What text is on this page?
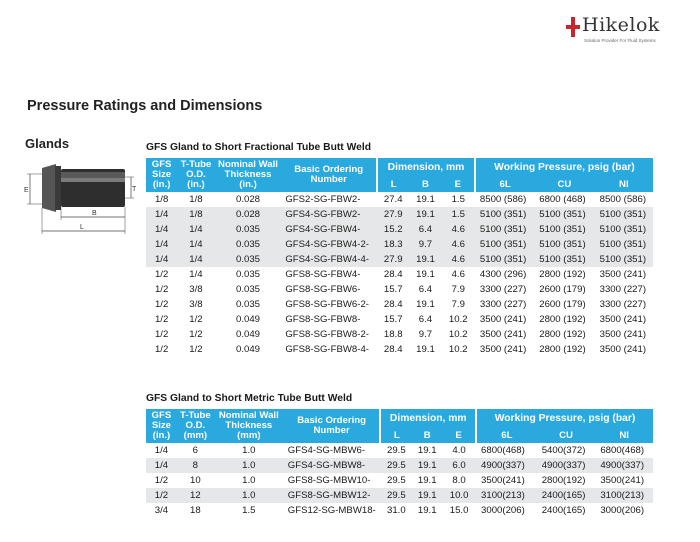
Hikelok
Solution Provider For Fluid Systems
Pressure Ratings and Dimensions
Glands
E	T
B
L
GFS Gland to Short Fractional Tube Butt Weld
GFS Size (in.)	T-Tube O.D. (in.)	Nominal Wall Thickness (in.)	Basic Ordering Number	Dimension, mm			Working Pressure, psig (bar)		
				L	B	E	6L	CU	NI
1/8	1/8	0.028	GFS2-SG-FBW2-	27.4	19.1	1.5	8500 (586)	6800 (468)	8500 (586)
1/4	1/8	0.028	GFS4-SG-FBW2-	27.9	19.1	1.5	5100 (351)	5100 (351)	5100 (351)
1/4	1/4	0.035	GFS4-SG-FBW4-	15.2	6.4	4.6	5100 (351)	5100 (351)	5100 (351)
1/4	1/4	0.035	GFS4-SG-FBW4-2-	18.3	9.7	4.6	5100 (351)	5100 (351)	5100 (351)
1/4	1/4	0.035	GFS4-SG-FBW4-4-	27.9	19.1	4.6	5100 (351)	5100 (351)	5100 (351)
1/2	1/4	0.035	GFS8-SG-FBW4-	28.4	19.1	4.6	4300 (296)	2800 (192)	3500 (241)
1/2	3/8	0.035	GFS8-SG-FBW6-	15.7	6.4	7.9	3300 (227)	2600 (179)	3300 (227)
1/2	3/8	0.035	GFS8-SG-FBW6-2-	28.4	19.1	7.9	3300 (227)	2600 (179)	3300 (227)
1/2	1/2	0.049	GFS8-SG-FBW8-	15.7	6.4	10.2	3500 (241)	2800 (192)	3500 (241)
1/2	1/2	0.049	GFS8-SG-FBW8-2-	18.8	9.7	10.2	3500 (241)	2800 (192)	3500 (241)
1/2	1/2	0.049	GFS8-SG-FBW8-4-	28.4	19.1	10.2	3500 (241)	2800 (192)	3500 (241)
GFS Gland to Short Metric Tube Butt Weld
GFS Size (in.)	T-Tube O.D. (mm)	Nominal Wall Thickness (mm)	Basic Ordering Number	Dimension, mm			Working Pressure, psig (bar)		
				L	B	E	6L	CU	NI
1/4	6	1.0	GFS4-SG-MBW6-	29.5	19.1	4.0	6800(468)	5400(372)	6800(468)
1/4	8	1.0	GFS4-SG-MBW8-	29.5	19.1	6.0	4900(337)	4900(337)	4900(337)
1/2	10	1.0	GFS8-SG-MBW10-	29.5	19.1	8.0	3500(241)	2800(192)	3500(241)
1/2	12	1.0	GFS8-SG-MBW12-	29.5	19.1	10.0	3100(213)	2400(165)	3100(213)
3/4	18	1.5	GFS12-SG-MBW18-	31.0	19.1	15.0	3000(206)	2400(165)	3000(206)
